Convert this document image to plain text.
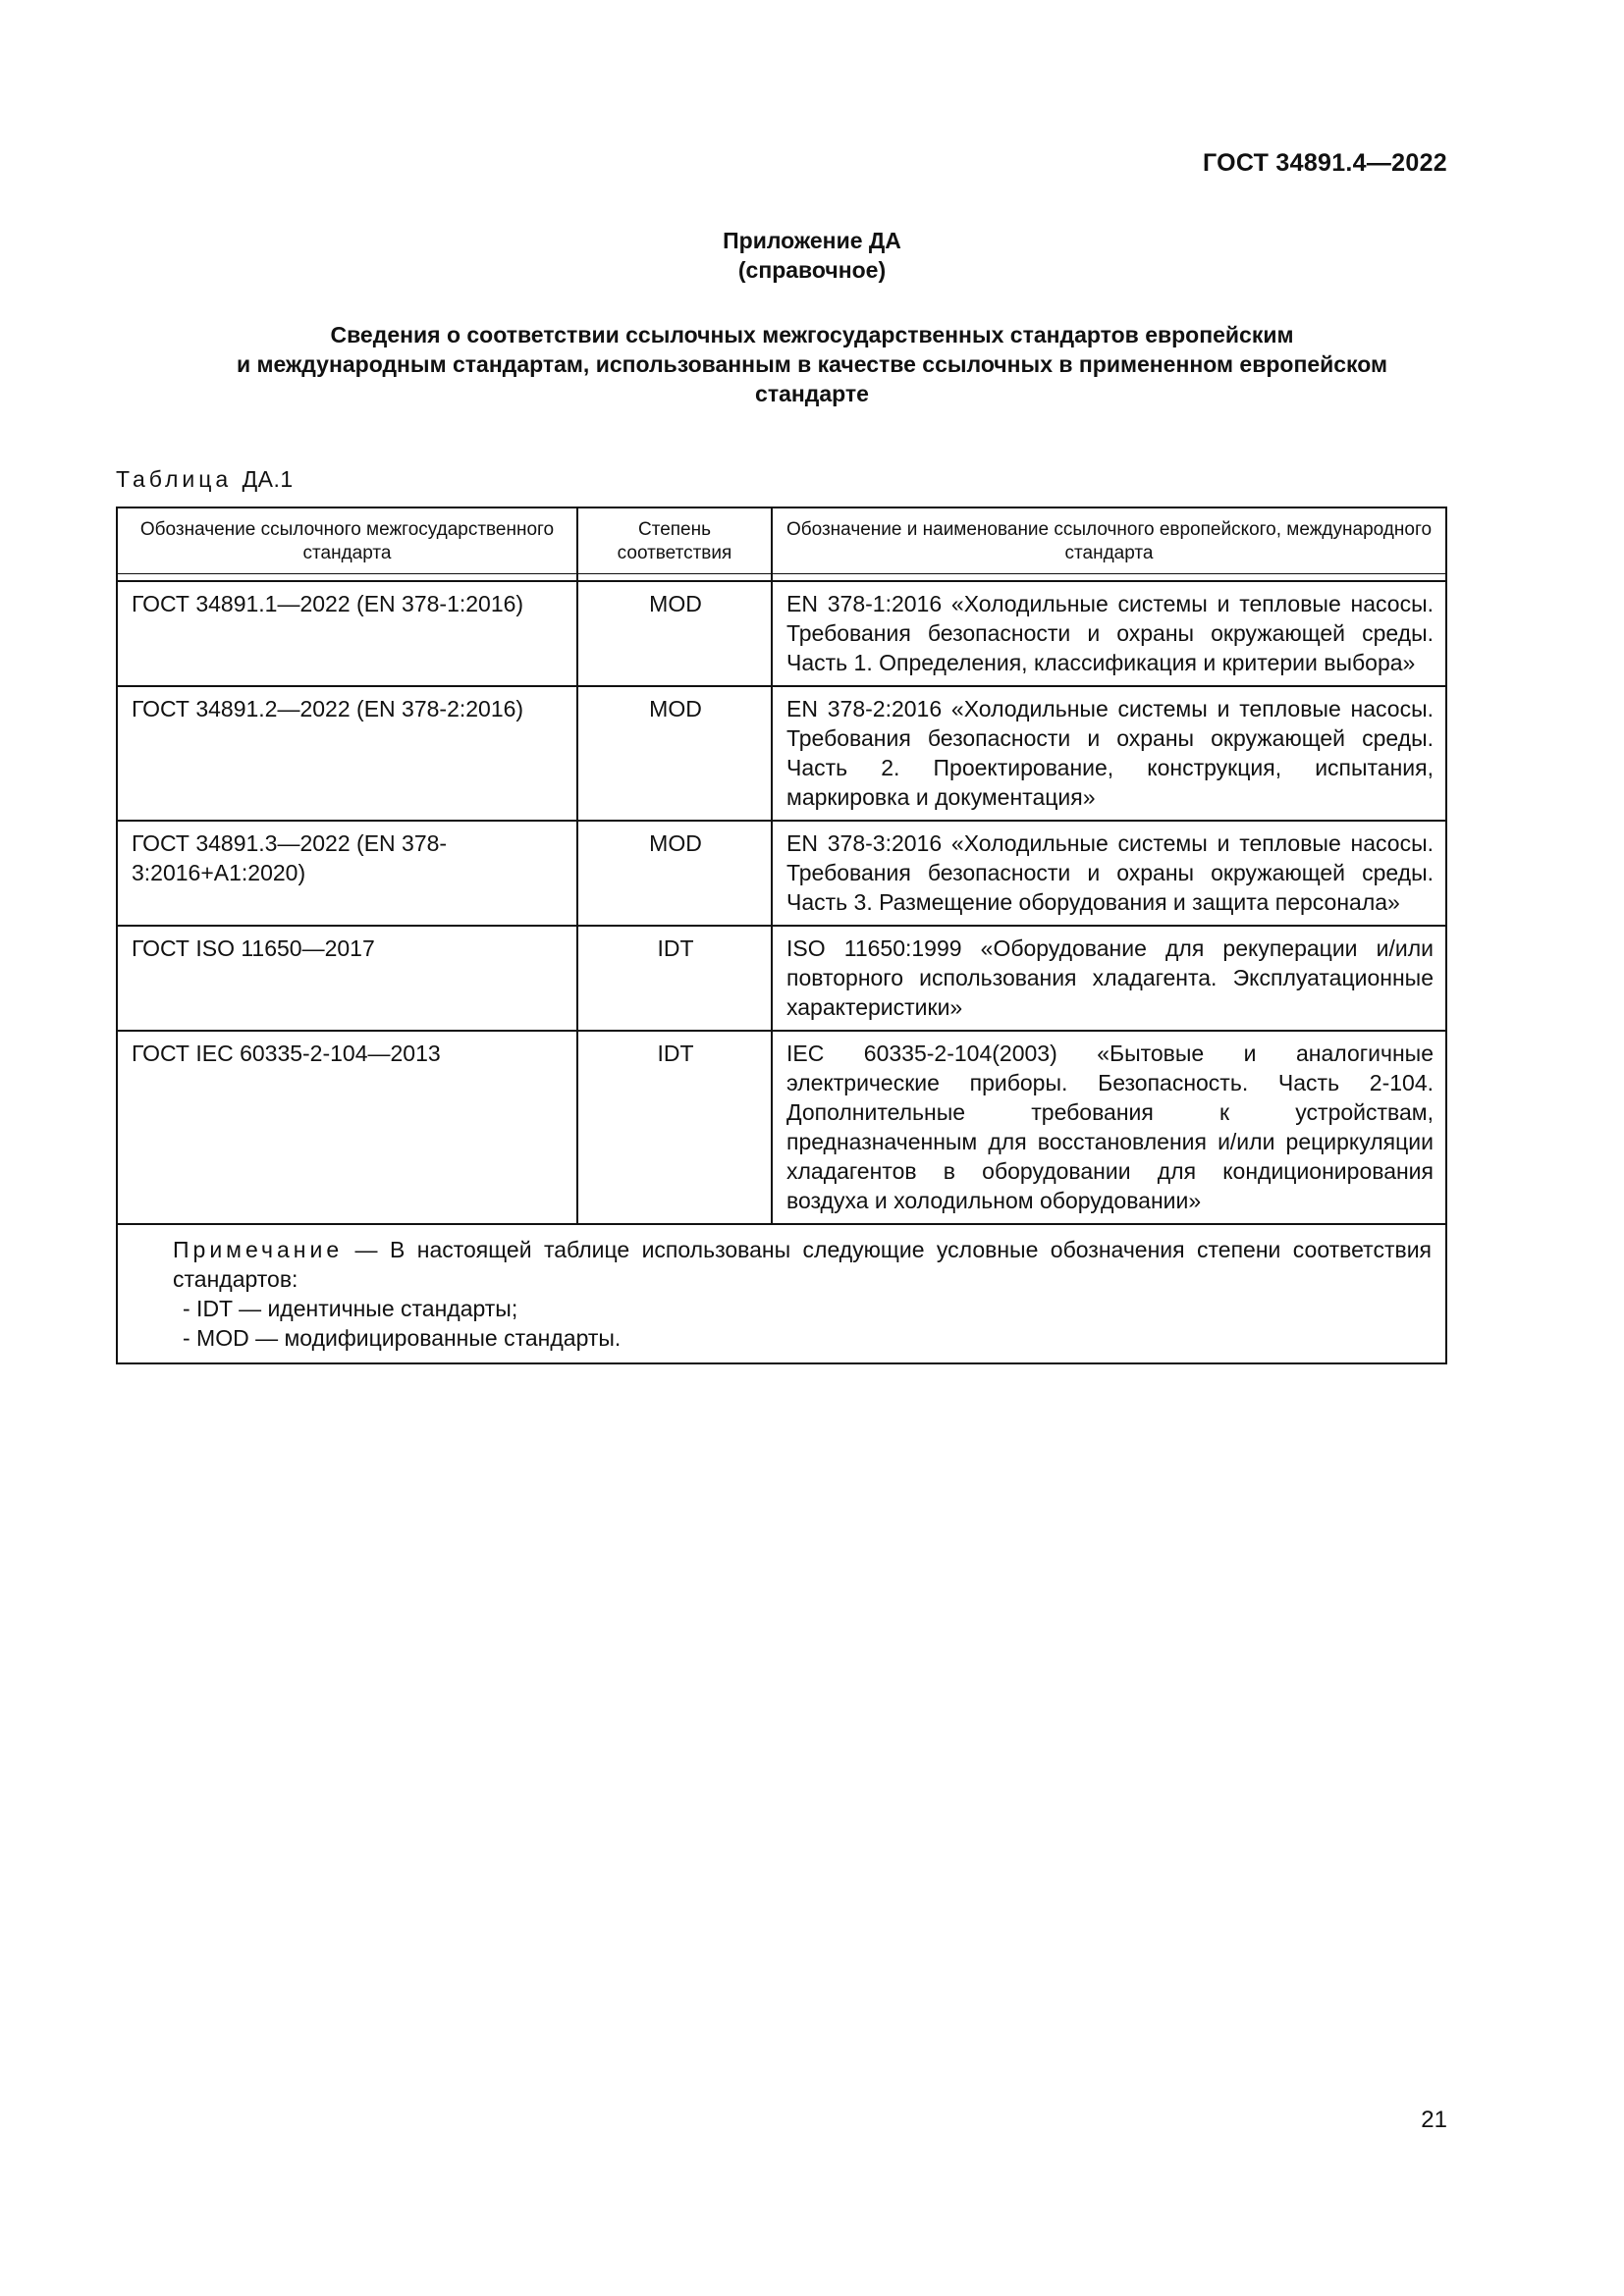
ГОСТ 34891.4—2022
Приложение ДА
(справочное)
Сведения о соответствии ссылочных межгосударственных стандартов европейским
и международным стандартам, использованным в качестве ссылочных в примененном европейском
стандарте
Таблица ДА.1
Обозначение ссылочного межгосударственного стандарта	Степень соответствия	Обозначение и наименование ссылочного европейского, международного стандарта

ГОСТ 34891.1—2022 (EN 378-1:2016)	MOD	EN 378-1:2016 «Холодильные системы и тепловые насосы. Требования безопасности и охраны окружающей среды. Часть 1. Определения, классификация и критерии выбора»
ГОСТ 34891.2—2022 (EN 378-2:2016)	MOD	EN 378-2:2016 «Холодильные системы и тепловые насосы. Требования безопасности и охраны окружающей среды. Часть 2. Проектирование, конструкция, испытания, маркировка и документация»
ГОСТ 34891.3—2022 (EN 378-3:2016+A1:2020)	MOD	EN 378-3:2016 «Холодильные системы и тепловые насосы. Требования безопасности и охраны окружающей среды. Часть 3. Размещение оборудования и защита персонала»
ГОСТ ISO 11650—2017	IDT	ISO 11650:1999 «Оборудование для рекуперации и/или повторного использования хладагента. Эксплуатационные характеристики»
ГОСТ IEC 60335-2-104—2013	IDT	IEC 60335-2-104(2003) «Бытовые и аналогичные электрические приборы. Безопасность. Часть 2-104. Дополнительные требования к устройствам, предназначенным для восстановления и/или рециркуляции хладагентов в оборудовании для кондиционирования воздуха и холодильном оборудовании»

Примечание — В настоящей таблице использованы следующие условные обозначения степени соответствия стандартов:
- IDT — идентичные стандарты;
- MOD — модифицированные стандарты.		
21
